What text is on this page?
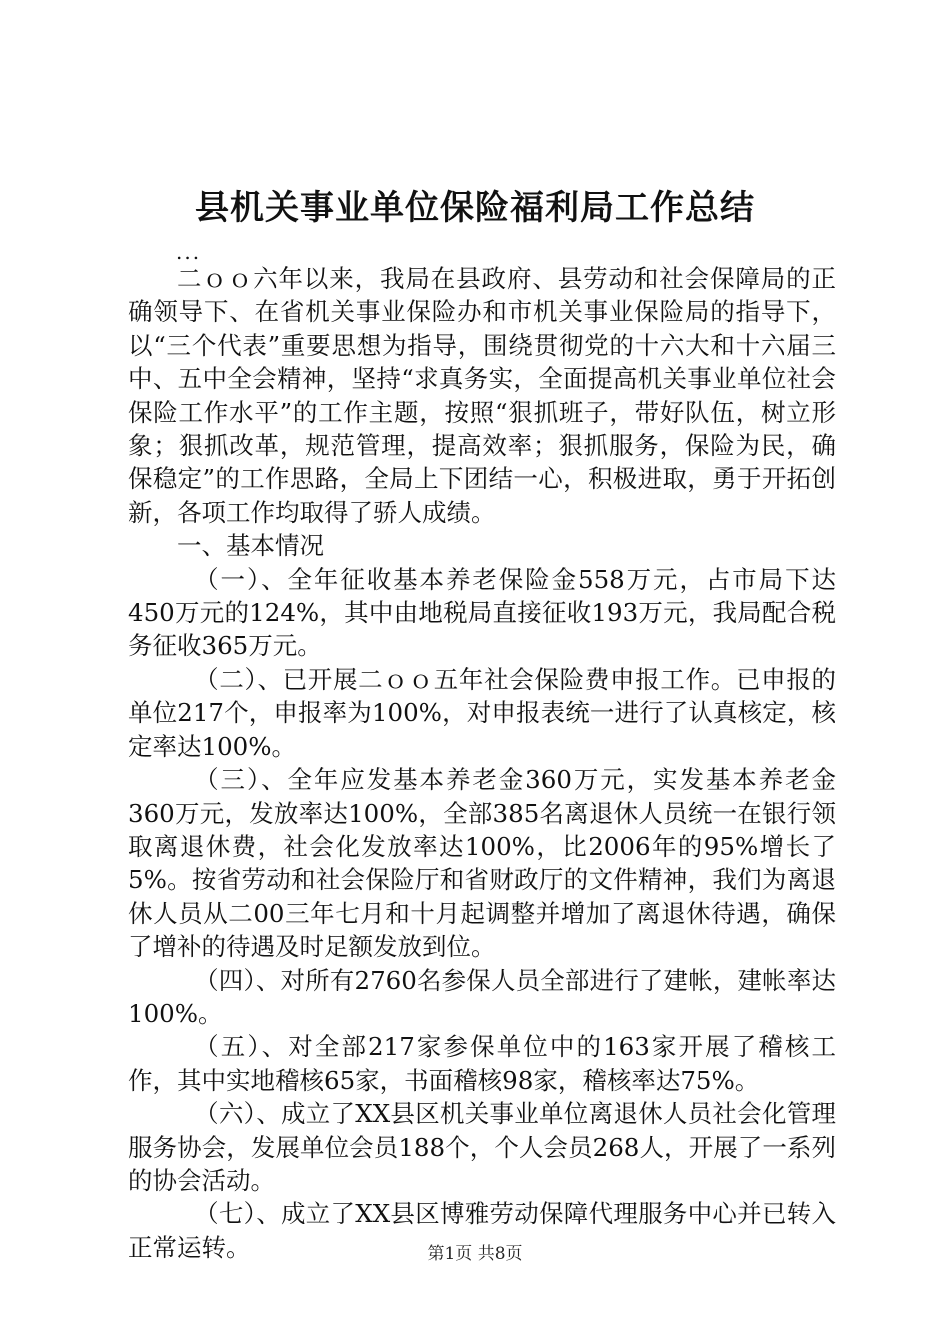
县机关事业单位保险福利局工作总结
...

二ｏｏ六年以来，我局在县政府、县劳动和社会保障局的正确领导下、在省机关事业保险办和市机关事业保险局的指导下，以“三个代表”重要思想为指导，围绕贯彻党的十六大和十六届三中、五中全会精神，坚持“求真务实，全面提高机关事业单位社会保险工作水平”的工作主题，按照“狠抓班子，带好队伍，树立形象；狠抓改革，规范管理，提高效率；狠抓服务，保险为民，确保稳定”的工作思路，全局上下团结一心，积极进取，勇于开拓创新，各项工作均取得了骄人成绩。

一、基本情况

（一）、全年征收基本养老保险金558万元，占市局下达450万元的124%，其中由地税局直接征收193万元，我局配合税务征收365万元。

（二）、已开展二ｏｏ五年社会保险费申报工作。已申报的单位217个，申报率为100%，对申报表统一进行了认真核定，核定率达100%。

（三）、全年应发基本养老金360万元，实发基本养老金360万元，发放率达100%，全部385名离退休人员统一在银行领取离退休费，社会化发放率达100%，比2006年的95%增长了5%。按省劳动和社会保险厅和省财政厅的文件精神，我们为离退休人员从二00三年七月和十月起调整并增加了离退休待遇，确保了增补的待遇及时足额发放到位。

（四）、对所有2760名参保人员全部进行了建帐，建帐率达100%。

（五）、对全部217家参保单位中的163家开展了稽核工作，其中实地稽核65家，书面稽核98家，稽核率达75%。

（六）、成立了XX县区机关事业单位离退休人员社会化管理服务协会，发展单位会员188个，个人会员268人，开展了一系列的协会活动。

（七）、成立了XX县区博雅劳动保障代理服务中心并已转入正常运转。	第1页 共8页
